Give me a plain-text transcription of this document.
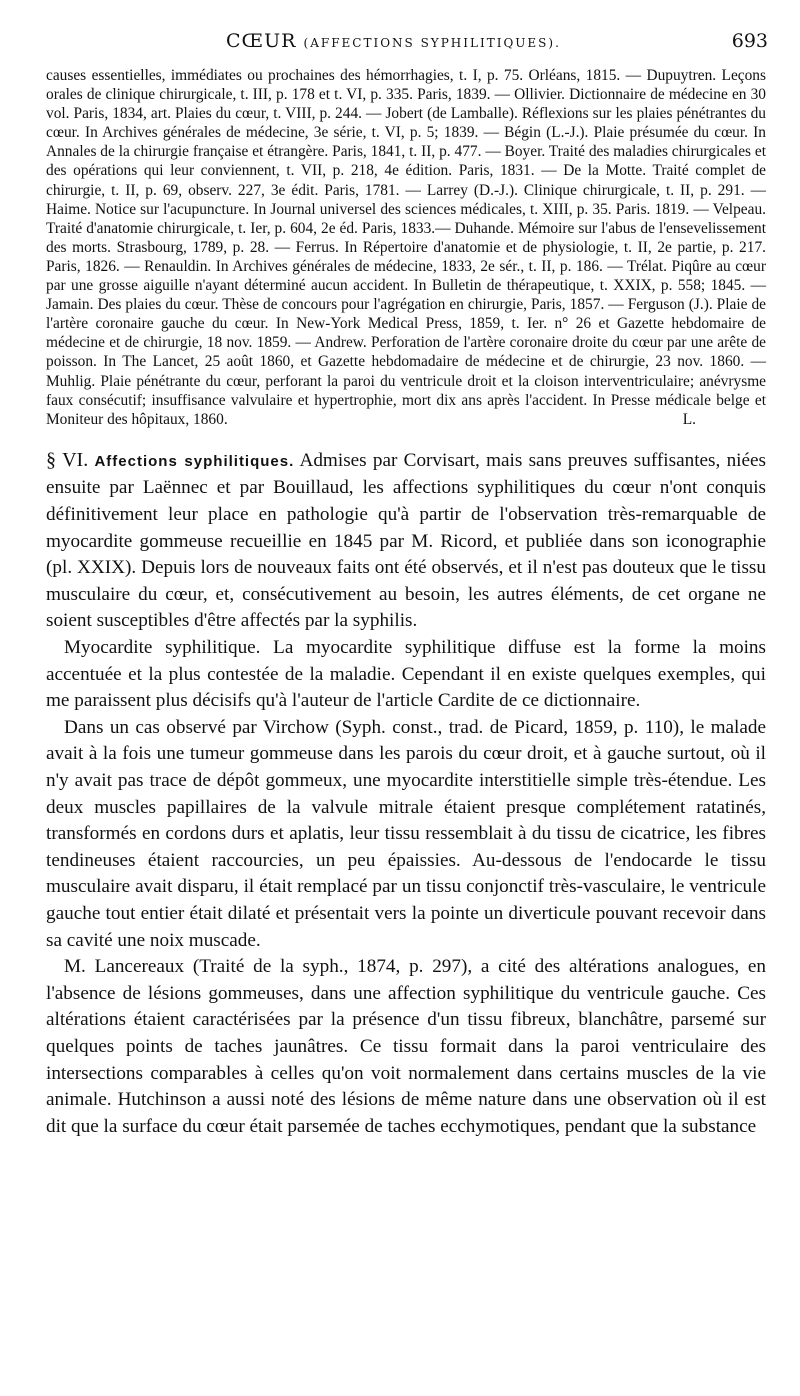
CŒUR (AFFECTIONS SYPHILITIQUES).	693

causes essentielles, immédiates ou prochaines des hémorrhagies, t. I, p. 75. Orléans, 1815. — Dupuytren. Leçons orales de clinique chirurgicale, t. III, p. 178 et t. VI, p. 335. Paris, 1839. — Ollivier. Dictionnaire de médecine en 30 vol. Paris, 1834, art. Plaies du cœur, t. VIII, p. 244. — Jobert (de Lamballe). Réflexions sur les plaies pénétrantes du cœur. In Archives générales de médecine, 3e série, t. VI, p. 5; 1839. — Bégin (L.-J.). Plaie présumée du cœur. In Annales de la chirurgie française et étrangère. Paris, 1841, t. II, p. 477. — Boyer. Traité des maladies chirurgicales et des opérations qui leur conviennent, t. VII, p. 218, 4e édition. Paris, 1831. — De la Motte. Traité complet de chirurgie, t. II, p. 69, observ. 227, 3e édit. Paris, 1781. — Larrey (D.-J.). Clinique chirurgicale, t. II, p. 291. — Haime. Notice sur l'acupuncture. In Journal universel des sciences médicales, t. XIII, p. 35. Paris. 1819. — Velpeau. Traité d'anatomie chirurgicale, t. Ier, p. 604, 2e éd. Paris, 1833.— Duhande. Mémoire sur l'abus de l'ensevelissement des morts. Strasbourg, 1789, p. 28. — Ferrus. In Répertoire d'anatomie et de physiologie, t. II, 2e partie, p. 217. Paris, 1826. — Renauldin. In Archives générales de médecine, 1833, 2e sér., t. II, p. 186. — Trélat. Piqûre au cœur par une grosse aiguille n'ayant déterminé aucun accident. In Bulletin de thérapeutique, t. XXIX, p. 558; 1845. — Jamain. Des plaies du cœur. Thèse de concours pour l'agrégation en chirurgie, Paris, 1857. — Ferguson (J.). Plaie de l'artère coronaire gauche du cœur. In New-York Medical Press, 1859, t. Ier. n° 26 et Gazette hebdomaire de médecine et de chirurgie, 18 nov. 1859. — Andrew. Perforation de l'artère coronaire droite du cœur par une arête de poisson. In The Lancet, 25 août 1860, et Gazette hebdomadaire de médecine et de chirurgie, 23 nov. 1860. — Muhlig. Plaie pénétrante du cœur, perforant la paroi du ventricule droit et la cloison interventriculaire; anévrysme faux consécutif; insuffisance valvulaire et hypertrophie, mort dix ans après l'accident. In Presse médicale belge et Moniteur des hôpitaux, 1860.	L.

§ VI. Affections syphilitiques. Admises par Corvisart, mais sans preuves suffisantes, niées ensuite par Laënnec et par Bouillaud, les affections syphilitiques du cœur n'ont conquis définitivement leur place en pathologie qu'à partir de l'observation très-remarquable de myocardite gommeuse recueillie en 1845 par M. Ricord, et publiée dans son iconographie (pl. XXIX). Depuis lors de nouveaux faits ont été observés, et il n'est pas douteux que le tissu musculaire du cœur, et, consécutivement au besoin, les autres éléments, de cet organe ne soient susceptibles d'être affectés par la syphilis.

Myocardite syphilitique. La myocardite syphilitique diffuse est la forme la moins accentuée et la plus contestée de la maladie. Cependant il en existe quelques exemples, qui me paraissent plus décisifs qu'à l'auteur de l'article Cardite de ce dictionnaire.

Dans un cas observé par Virchow (Syph. const., trad. de Picard, 1859, p. 110), le malade avait à la fois une tumeur gommeuse dans les parois du cœur droit, et à gauche surtout, où il n'y avait pas trace de dépôt gommeux, une myocardite interstitielle simple très-étendue. Les deux muscles papillaires de la valvule mitrale étaient presque complétement ratatinés, transformés en cordons durs et aplatis, leur tissu ressemblait à du tissu de cicatrice, les fibres tendineuses étaient raccourcies, un peu épaissies. Au-dessous de l'endocarde le tissu musculaire avait disparu, il était remplacé par un tissu conjonctif très-vasculaire, le ventricule gauche tout entier était dilaté et présentait vers la pointe un diverticule pouvant recevoir dans sa cavité une noix muscade.

M. Lancereaux (Traité de la syph., 1874, p. 297), a cité des altérations analogues, en l'absence de lésions gommeuses, dans une affection syphilitique du ventricule gauche. Ces altérations étaient caractérisées par la présence d'un tissu fibreux, blanchâtre, parsemé sur quelques points de taches jaunâtres. Ce tissu formait dans la paroi ventriculaire des intersections comparables à celles qu'on voit normalement dans certains muscles de la vie animale. Hutchinson a aussi noté des lésions de même nature dans une observation où il est dit que la surface du cœur était parsemée de taches ecchymotiques, pendant que la substance
